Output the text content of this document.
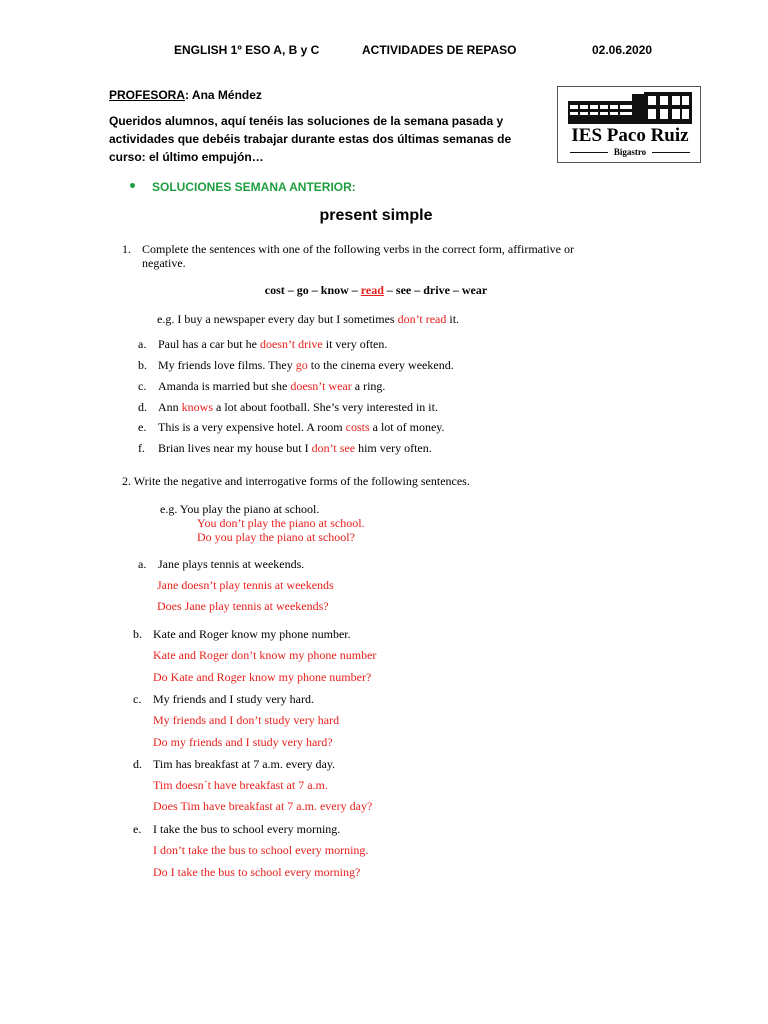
ENGLISH 1º ESO A, B y C	ACTIVIDADES DE REPASO	02.06.2020
PROFESORA: Ana Méndez
Queridos alumnos, aquí tenéis las soluciones de la semana pasada y
actividades que debéis trabajar durante estas dos últimas semanas de
curso: el último empujón…
IES Paco Ruiz
Bigastro
SOLUCIONES SEMANA ANTERIOR:
present simple
1. Complete the sentences with one of the following verbs in the correct form, affirmative or
negative.
cost – go – know – read – see – drive – wear
e.g. I buy a newspaper every day but I sometimes don’t read it.
a. Paul has a car but he doesn’t drive it very often.
b. My friends love films. They go to the cinema every weekend.
c. Amanda is married but she doesn’t wear a ring.
d. Ann knows a lot about football. She’s very interested in it.
e. This is a very expensive hotel. A room costs a lot of money.
f. Brian lives near my house but I don’t see him very often.
2. Write the negative and interrogative forms of the following sentences.
e.g. You play the piano at school.
You don’t play the piano at school.
Do you play the piano at school?
a. Jane plays tennis at weekends.
Jane doesn’t play tennis at weekends
Does Jane play tennis at weekends?
b. Kate and Roger know my phone number.
Kate and Roger don’t know my phone number
Do Kate and Roger know my phone number?
c. My friends and I study very hard.
My friends and I don’t study very hard
Do my friends and I study very hard?
d. Tim has breakfast at 7 a.m. every day.
Tim doesn´t have breakfast at 7 a.m.
Does Tim have breakfast at 7 a.m. every day?
e. I take the bus to school every morning.
I don’t take the bus to school every morning.
Do I take the bus to school every morning?
